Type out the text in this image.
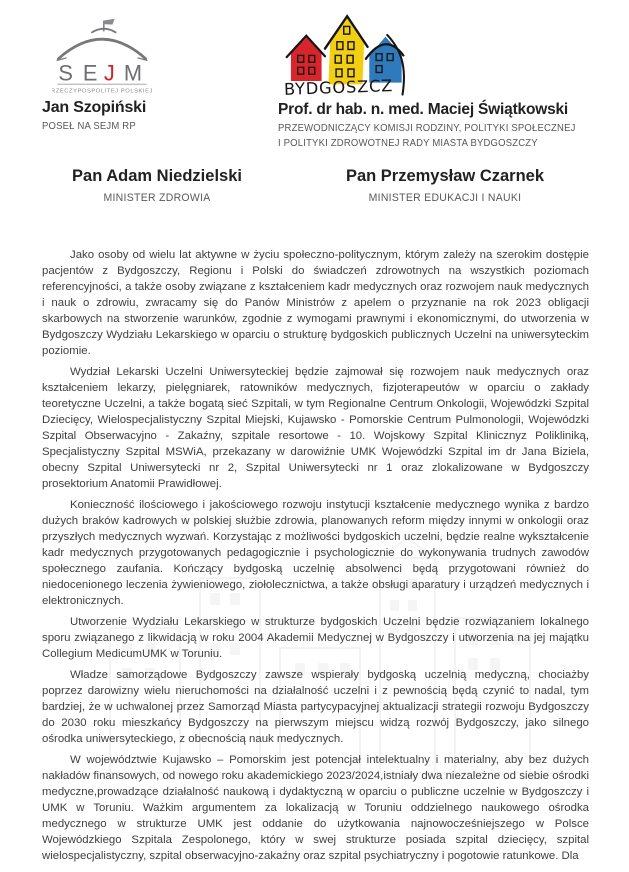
S E J M
RZECZYPOSPOLITEJ POLSKIEJ
Jan Szopiński
POSEŁ NA SEJM RP
BYDGOSZCZ
Prof. dr hab. n. med. Maciej Świątkowski
PRZEWODNICZĄCY KOMISJI RODZINY, POLITYKI SPOŁECZNEJ
I POLITYKI ZDROWOTNEJ RADY MIASTA BYDGOSZCZY
Pan Adam Niedzielski
MINISTER ZDROWIA
Pan Przemysław Czarnek
MINISTER EDUKACJI I NAUKI

Jako osoby od wielu lat aktywne w życiu społeczno-politycznym, którym zależy na szerokim dostępie pacjentów z Bydgoszczy, Regionu i Polski do świadczeń zdrowotnych na wszystkich poziomach referencyjności, a także osoby związane z kształceniem kadr medycznych oraz rozwojem nauk medycznych i nauk o zdrowiu, zwracamy się do Panów Ministrów z apelem o przyznanie na rok 2023 obligacji skarbowych na stworzenie warunków, zgodnie z wymogami prawnymi i ekonomicznymi, do utworzenia w Bydgoszczy Wydziału Lekarskiego w oparciu o strukturę bydgoskich publicznych Uczelni na uniwersyteckim poziomie.

Wydział Lekarski Uczelni Uniwersyteckiej będzie zajmował się rozwojem nauk medycznych oraz kształceniem lekarzy, pielęgniarek, ratowników medycznych, fizjoterapeutów w oparciu o zakłady teoretyczne Uczelni, a także bogatą sieć Szpitali, w tym Regionalne Centrum Onkologii, Wojewódzki Szpital Dziecięcy, Wielospecjalistyczny Szpital Miejski, Kujawsko - Pomorskie Centrum Pulmonologii, Wojewódzki Szpital Obserwacyjno - Zakaźny, szpitale resortowe - 10. Wojskowy Szpital Klinicznyz Polikliniką, Specjalistyczny Szpital MSWiA, przekazany w darowiźnie UMK Wojewódzki Szpital im dr Jana Biziela, obecny Szpital Uniwersytecki nr 2, Szpital Uniwersytecki nr 1 oraz zlokalizowane w Bydgoszczy prosektorium Anatomii Prawidłowej.

Konieczność ilościowego i jakościowego rozwoju instytucji kształcenie medycznego wynika z bardzo dużych braków kadrowych w polskiej służbie zdrowia, planowanych reform między innymi w onkologii oraz przyszłych medycznych wyzwań. Korzystając z możliwości bydgoskich uczelni, będzie realne wykształcenie kadr medycznych przygotowanych pedagogicznie i psychologicznie do wykonywania trudnych zawodów społecznego zaufania. Kończący bydgoską uczelnię absolwenci będą przygotowani również do niedocenionego leczenia żywieniowego, ziołolecznictwa, a także obsługi aparatury i urządzeń medycznych i elektronicznych.

Utworzenie Wydziału Lekarskiego w strukturze bydgoskich Uczelni będzie rozwiązaniem lokalnego sporu związanego z likwidacją w roku 2004 Akademii Medycznej w Bydgoszczy i utworzenia na jej majątku Collegium MedicumUMK w Toruniu.

Władze samorządowe Bydgoszczy zawsze wspierały bydgoską uczelnią medyczną, chociażby poprzez darowizny wielu nieruchomości na działalność uczelni i z pewnością będą czynić to nadal, tym bardziej, że w uchwalonej przez Samorząd Miasta partycypacyjnej aktualizacji strategii rozwoju Bydgoszczy do 2030 roku mieszkańcy Bydgoszczy na pierwszym miejscu widzą rozwój Bydgoszczy, jako silnego ośrodka uniwersyteckiego, z obecnością nauk medycznych.

W województwie Kujawsko – Pomorskim jest potencjał intelektualny i materialny, aby bez dużych nakładów finansowych, od nowego roku akademickiego 2023/2024,istniały dwa niezależne od siebie ośrodki medyczne,prowadzące działalność naukową i dydaktyczną w oparciu o publiczne uczelnie w Bydgoszczy i UMK w Toruniu. Ważkim argumentem za lokalizacją w Toruniu oddzielnego naukowego ośrodka medycznego w strukturze UMK jest oddanie do użytkowania najnowocześniejszego w Polsce Wojewódzkiego Szpitala Zespolonego, który w swej strukturze posiada szpital dziecięcy, szpital wielospecjalistyczny, szpital obserwacyjno-zakaźny oraz szpital psychiatryczny i pogotowie ratunkowe. Dla
